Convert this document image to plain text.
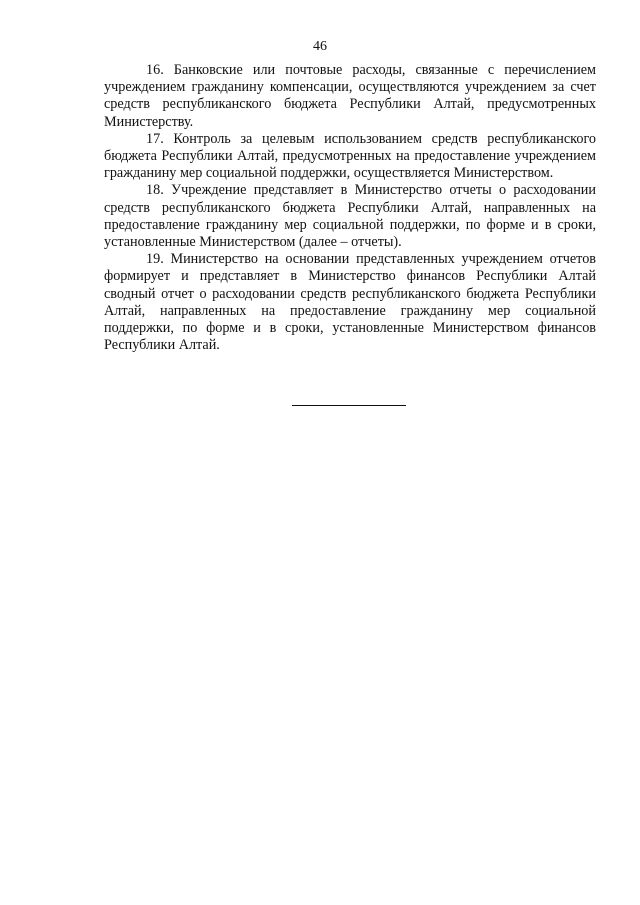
46

16. Банковские или почтовые расходы, связанные с перечислением учреждением гражданину компенсации, осуществляются учреждением за счет средств республиканского бюджета Республики Алтай, предусмотренных Министерству.

17. Контроль за целевым использованием средств республиканского бюджета Республики Алтай, предусмотренных на предоставление учреждением гражданину мер социальной поддержки, осуществляется Министерством.

18. Учреждение представляет в Министерство отчеты о расходовании средств республиканского бюджета Республики Алтай, направленных на предоставление гражданину мер социальной поддержки, по форме и в сроки, установленные Министерством (далее – отчеты).

19. Министерство на основании представленных учреждением отчетов формирует и представляет в Министерство финансов Республики Алтай сводный отчет о расходовании средств республиканского бюджета Республики Алтай, направленных на предоставление гражданину мер социальной поддержки, по форме и в сроки, установленные Министерством финансов Республики Алтай.
